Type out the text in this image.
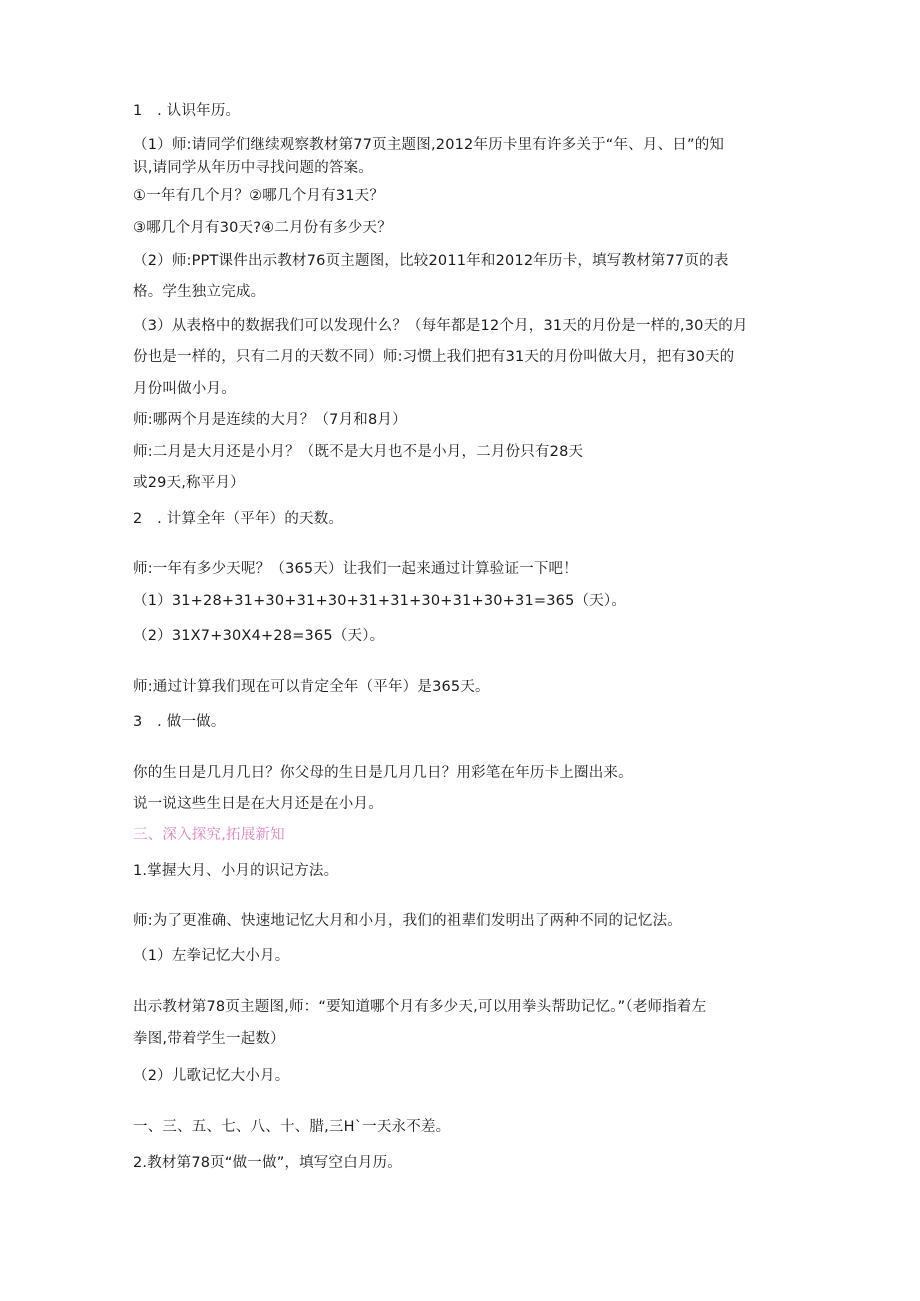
1　. 认识年历。

（1）师:请同学们继续观察教材第77页主题图,2012年历卡里有许多关于“年、月、日”的知

识,请同学从年历中寻找问题的答案。

①一年有几个月？②哪几个月有31天？

③哪几个月有30天?④二月份有多少天？

（2）师:PPT课件出示教材76页主题图，比较2011年和2012年历卡，填写教材第77页的表

格。学生独立完成。

（3）从表格中的数据我们可以发现什么？（每年都是12个月，31天的月份是一样的,30天的月

份也是一样的，只有二月的天数不同）师:习惯上我们把有31天的月份叫做大月，把有30天的

月份叫做小月。

师:哪两个月是连续的大月？（7月和8月）

师:二月是大月还是小月？（既不是大月也不是小月，二月份只有28天

或29天,称平月）

2　. 计算全年（平年）的天数。

师:一年有多少天呢？（365天）让我们一起来通过计算验证一下吧！

（1）31+28+31+30+31+30+31+31+30+31+30+31=365（天）。

（2）31X7+30X4+28=365（天）。

师:通过计算我们现在可以肯定全年（平年）是365天。

3　. 做一做。

你的生日是几月几日？你父母的生日是几月几日？用彩笔在年历卡上圈出来。

说一说这些生日是在大月还是在小月。

三、深入探究,拓展新知

1.掌握大月、小月的识记方法。

师:为了更准确、快速地记忆大月和小月，我们的祖辈们发明出了两种不同的记忆法。

（1）左拳记忆大小月。

出示教材第78页主题图,师：“要知道哪个月有多少天,可以用拳头帮助记忆。”（老师指着左

拳图,带着学生一起数）

（2）儿歌记忆大小月。

一、三、五、七、八、十、腊,三H`一天永不差。

2.教材第78页“做一做”，填写空白月历。
